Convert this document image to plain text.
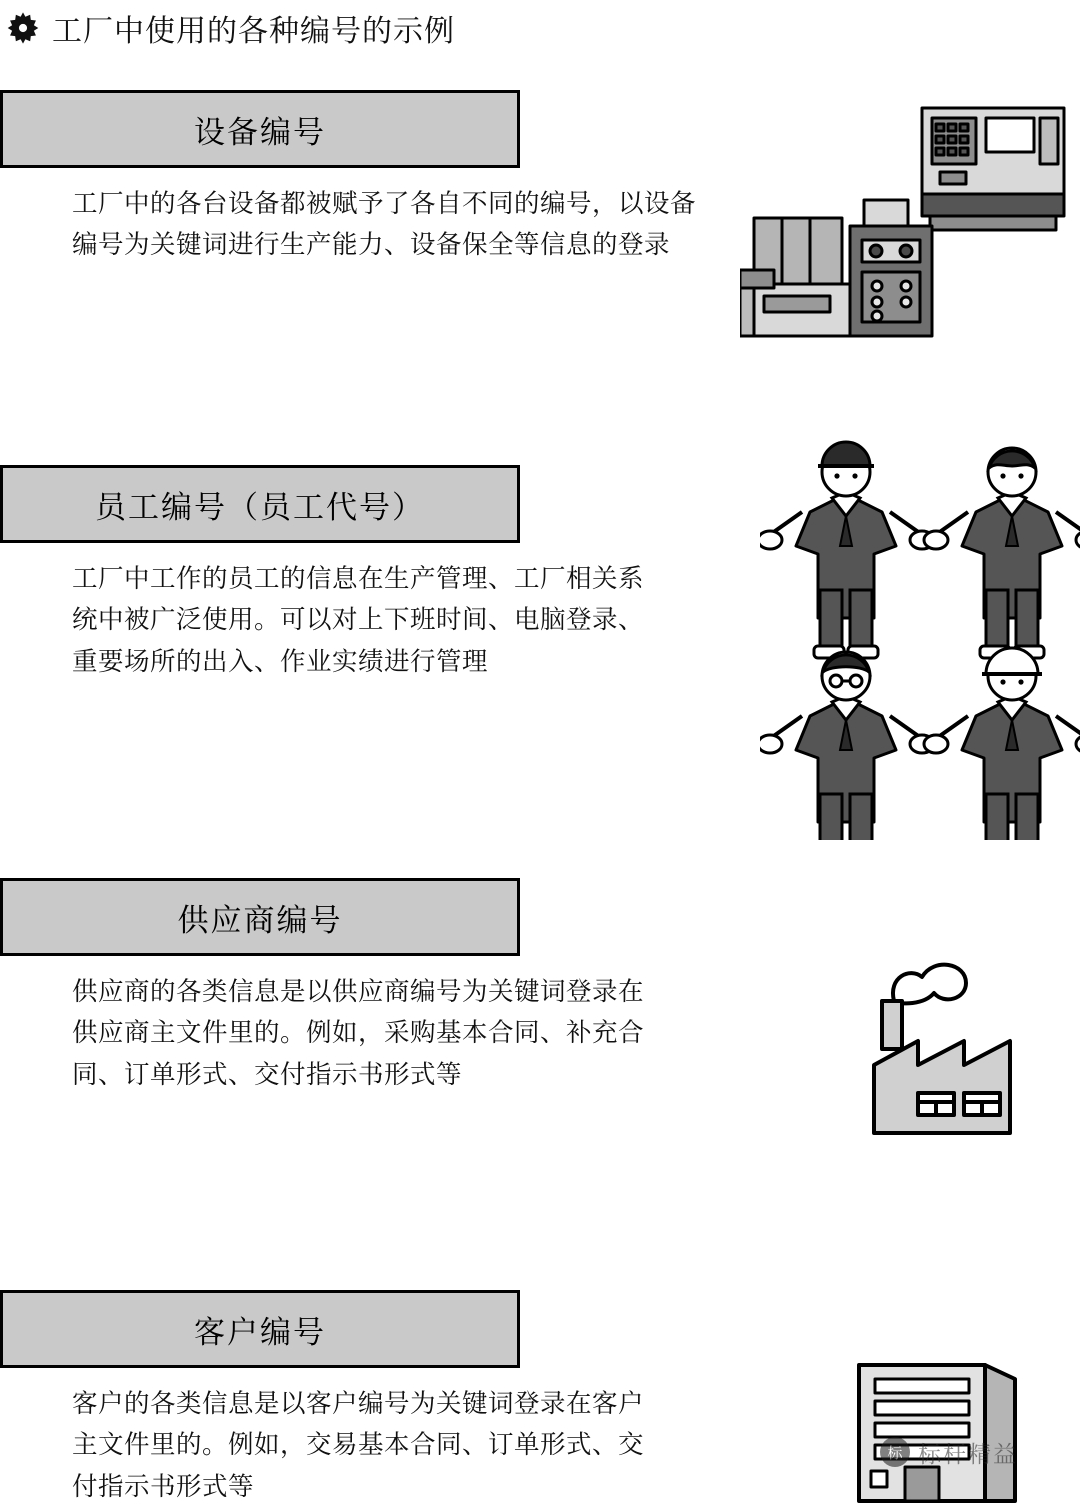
工厂中使用的各种编号的示例
设备编号
工厂中的各台设备都被赋予了各自不同的编号，以设备编号为关键词进行生产能力、设备保全等信息的登录
员工编号（员工代号）
工厂中工作的员工的信息在生产管理、工厂相关系统中被广泛使用。可以对上下班时间、电脑登录、重要场所的出入、作业实绩进行管理
供应商编号
供应商的各类信息是以供应商编号为关键词登录在供应商主文件里的。例如，采购基本合同、补充合同、订单形式、交付指示书形式等
客户编号
客户的各类信息是以客户编号为关键词登录在客户主文件里的。例如，交易基本合同、订单形式、交付指示书形式等
标 标杆精益
